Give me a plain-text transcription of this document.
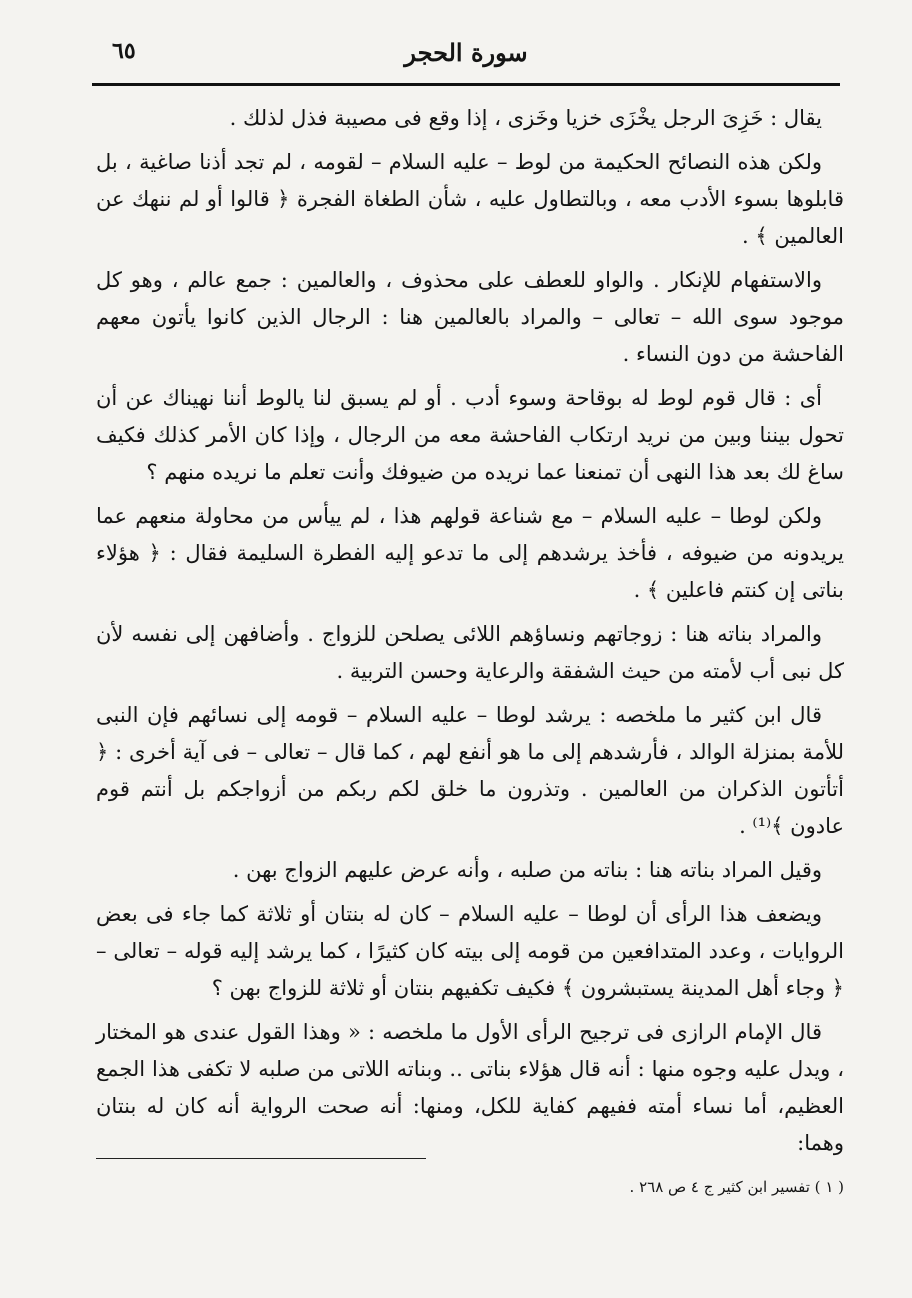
٦٥	سورة الحجر

يقال : خَزِىَ الرجل يخْزَى خزيا وخَزى ، إذا وقع فى مصيبة فذل لذلك .

ولكن هذه النصائح الحكيمة من لوط – عليه السلام – لقومه ، لم تجد أذنا صاغية ، بل قابلوها بسوء الأدب معه ، وبالتطاول عليه ، شأن الطغاة الفجرة ﴿ قالوا أو لم ننهك عن العالمين ﴾ .

والاستفهام للإنكار . والواو للعطف على محذوف ، والعالمين : جمع عالم ، وهو كل موجود سوى الله – تعالى – والمراد بالعالمين هنا : الرجال الذين كانوا يأتون معهم الفاحشة من دون النساء .

أى : قال قوم لوط له بوقاحة وسوء أدب . أو لم يسبق لنا يالوط أننا نهيناك عن أن تحول بيننا وبين من نريد ارتكاب الفاحشة معه من الرجال ، وإذا كان الأمر كذلك فكيف ساغ لك بعد هذا النهى أن تمنعنا عما نريده من ضيوفك وأنت تعلم ما نريده منهم ؟

ولكن لوطا – عليه السلام – مع شناعة قولهم هذا ، لم ييأس من محاولة منعهم عما يريدونه من ضيوفه ، فأخذ يرشدهم إلى ما تدعو إليه الفطرة السليمة فقال : ﴿ هؤلاء بناتى إن كنتم فاعلين ﴾ .

والمراد بناته هنا : زوجاتهم ونساؤهم اللائى يصلحن للزواج . وأضافهن إلى نفسه لأن كل نبى أب لأمته من حيث الشفقة والرعاية وحسن التربية .

قال ابن كثير ما ملخصه : يرشد لوطا – عليه السلام – قومه إلى نسائهم فإن النبى للأمة بمنزلة الوالد ، فأرشدهم إلى ما هو أنفع لهم ، كما قال – تعالى – فى آية أخرى : ﴿ أتأتون الذكران من العالمين . وتذرون ما خلق لكم ربكم من أزواجكم بل أنتم قوم عادون ﴾⁽¹⁾ .

وقيل المراد بناته هنا : بناته من صلبه ، وأنه عرض عليهم الزواج بهن .

ويضعف هذا الرأى أن لوطا – عليه السلام – كان له بنتان أو ثلاثة كما جاء فى بعض الروايات ، وعدد المتدافعين من قومه إلى بيته كان كثيرًا ، كما يرشد إليه قوله – تعالى – ﴿ وجاء أهل المدينة يستبشرون ﴾ فكيف تكفيهم بنتان أو ثلاثة للزواج بهن ؟

قال الإمام الرازى فى ترجيح الرأى الأول ما ملخصه : « وهذا القول عندى هو المختار ، ويدل عليه وجوه منها : أنه قال هؤلاء بناتى .. وبناته اللاتى من صلبه لا تكفى هذا الجمع العظيم، أما نساء أمته ففيهم كفاية للكل، ومنها: أنه صحت الرواية أنه كان له بنتان وهما:

( ١ ) تفسير ابن كثير ج ٤ ص ٢٦٨ .
